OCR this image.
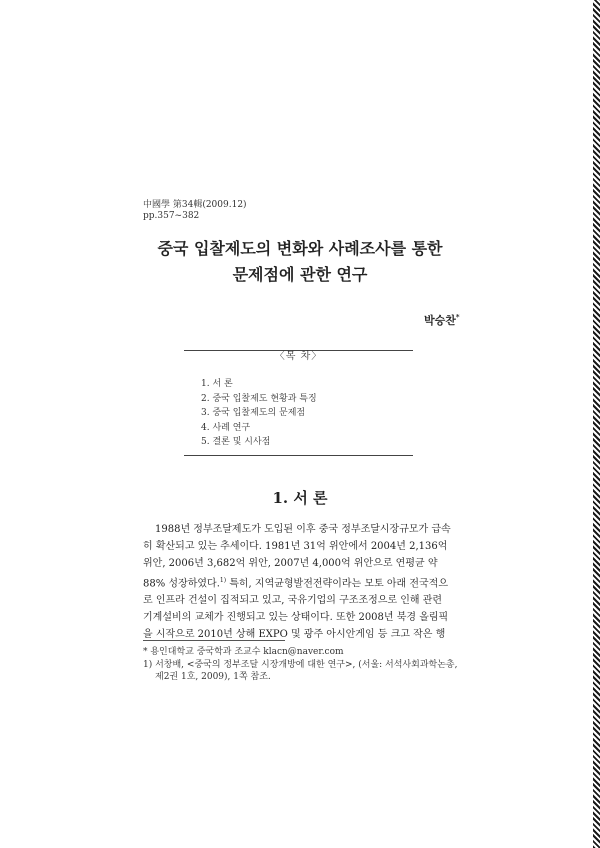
中國學 第34輯(2009.12)
pp.357~382
중국 입찰제도의 변화와 사례조사를 통한
문제점에 관한 연구
박승찬*
〈목 차〉
1. 서 론
2. 중국 입찰제도 현황과 특징
3. 중국 입찰제도의 문제점
4. 사례 연구
5. 결론 및 시사점
1. 서 론

1988년 정부조달제도가 도입된 이후 중국 정부조달시장규모가 급속
히 확산되고 있는 추세이다. 1981년 31억 위안에서 2004년 2,136억
위안, 2006년 3,682억 위안, 2007년 4,000억 위안으로 연평균 약
88% 성장하였다.$^{1)}$ 특히, 지역균형발전전략이라는 모토 아래 전국적으
로 인프라 건설이 집적되고 있고, 국유기업의 구조조정으로 인해 관련
기계설비의 교체가 진행되고 있는 상태이다. 또한 2008년 북경 올림픽
을 시작으로 2010년 상해 EXPO 및 광주 아시안게임 등 크고 작은 행

* 용인대학교 중국학과 조교수 klacn@naver.com
1) 서창배, <중국의 정부조달 시장개방에 대한 연구>, (서울: 서석사회과학논총,
제2권 1호, 2009), 1쪽 참조.
